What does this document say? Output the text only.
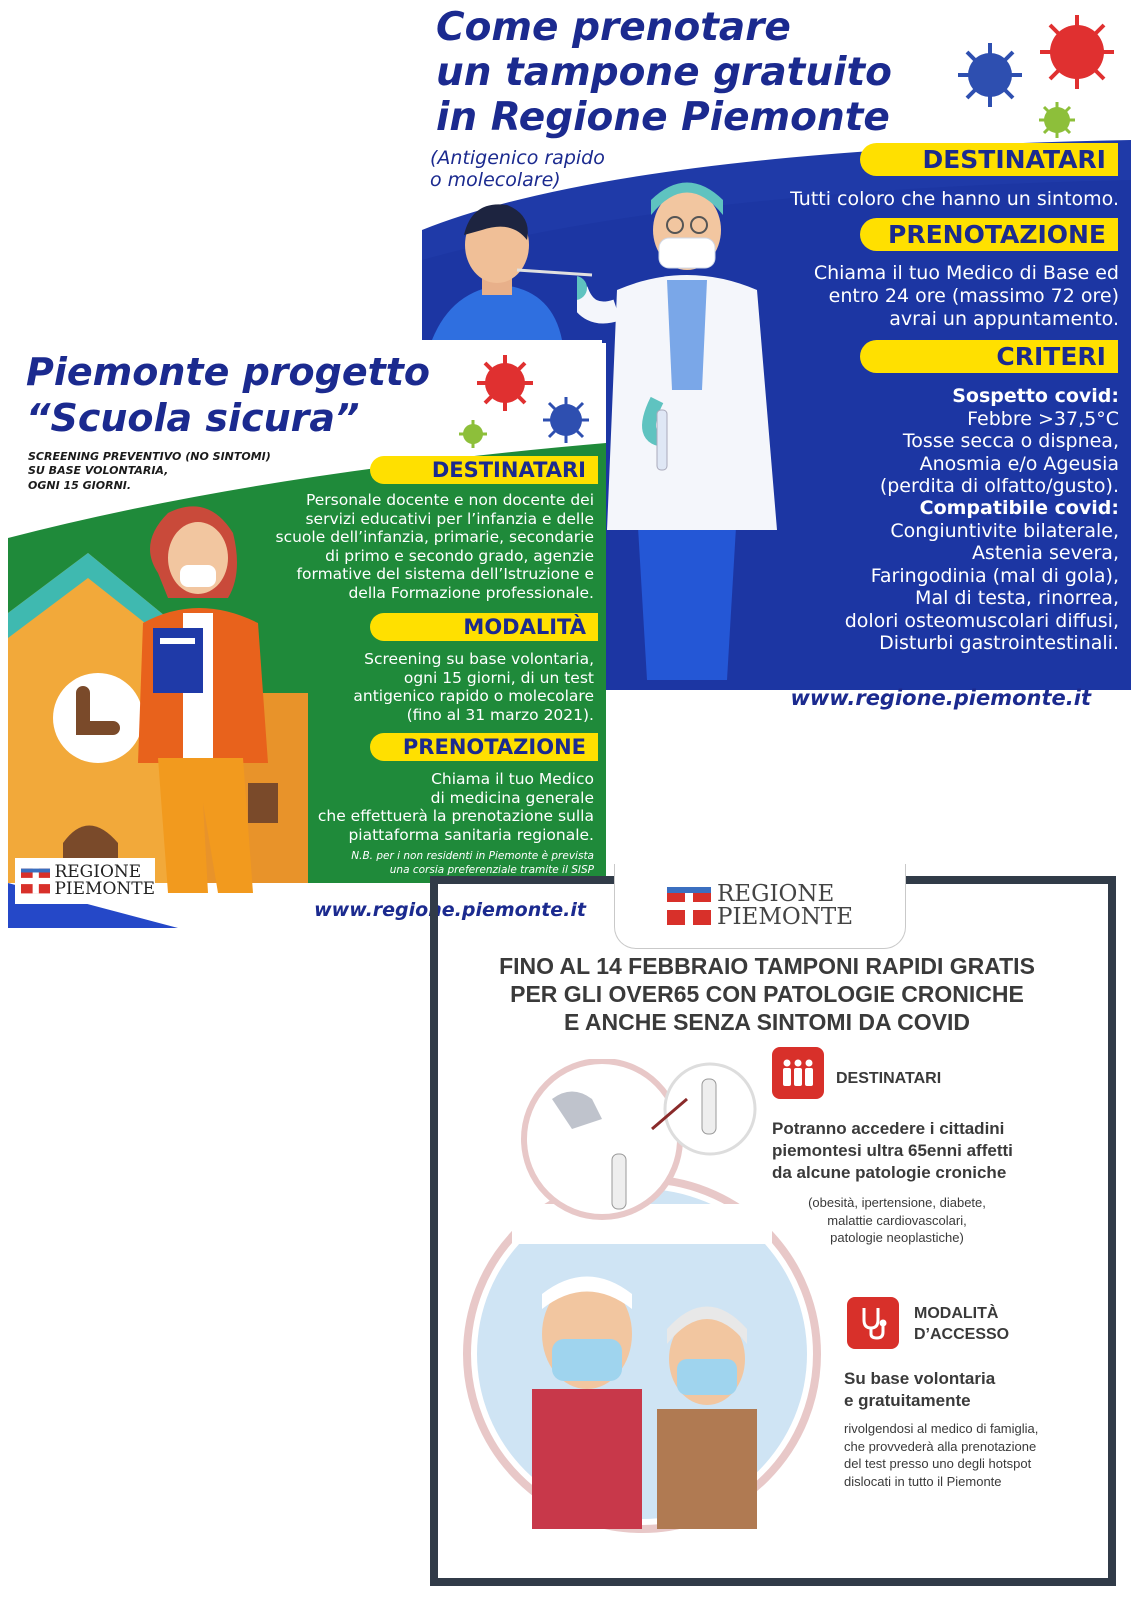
Come prenotare
un tampone gratuito
in Regione Piemonte
(Antigenico rapido
o molecolare)
DESTINATARI
Tutti coloro che hanno un sintomo.
PRENOTAZIONE
Chiama il tuo Medico di Base ed
entro 24 ore (massimo 72 ore)
avrai un appuntamento.
CRITERI
Sospetto covid:
Febbre >37,5°C
Tosse secca o dispnea,
Anosmia e/o Ageusia
(perdita di olfatto/gusto).
Compatibile covid:
Congiuntivite bilaterale,
Astenia severa,
Faringodinia (mal di gola),
Mal di testa, rinorrea,
dolori osteomuscolari diffusi,
Disturbi gastrointestinali.
www.regione.piemonte.it
Piemonte progetto
“Scuola sicura”
SCREENING PREVENTIVO (NO SINTOMI)
SU BASE VOLONTARIA,
OGNI 15 GIORNI.
DESTINATARI
Personale docente e non docente dei
servizi educativi per l’infanzia e delle
scuole dell’infanzia, primarie, secondarie
di primo e secondo grado, agenzie
formative del sistema dell’Istruzione e
della Formazione professionale.
MODALITÀ
Screening su base volontaria,
ogni 15 giorni, di un test
antigenico rapido o molecolare
(fino al 31 marzo 2021).
PRENOTAZIONE
Chiama il tuo Medico
di medicina generale
che effettuerà la prenotazione sulla
piattaforma sanitaria regionale.
N.B. per i non residenti in Piemonte è prevista
una corsia preferenziale tramite il SISP
REGIONE
PIEMONTE
www.regione.piemonte.it
REGIONE
PIEMONTE
FINO AL 14 FEBBRAIO TAMPONI RAPIDI GRATIS
PER GLI OVER65 CON PATOLOGIE CRONICHE
E ANCHE SENZA SINTOMI DA COVID
DESTINATARI
Potranno accedere i cittadini
piemontesi ultra 65enni affetti
da alcune patologie croniche
(obesità, ipertensione, diabete,
malattie cardiovascolari,
patologie neoplastiche)
MODALITÀ
D’ACCESSO
Su base volontaria
e gratuitamente
rivolgendosi al medico di famiglia,
che provvederà alla prenotazione
del test presso uno degli hotspot
dislocati in tutto il Piemonte
